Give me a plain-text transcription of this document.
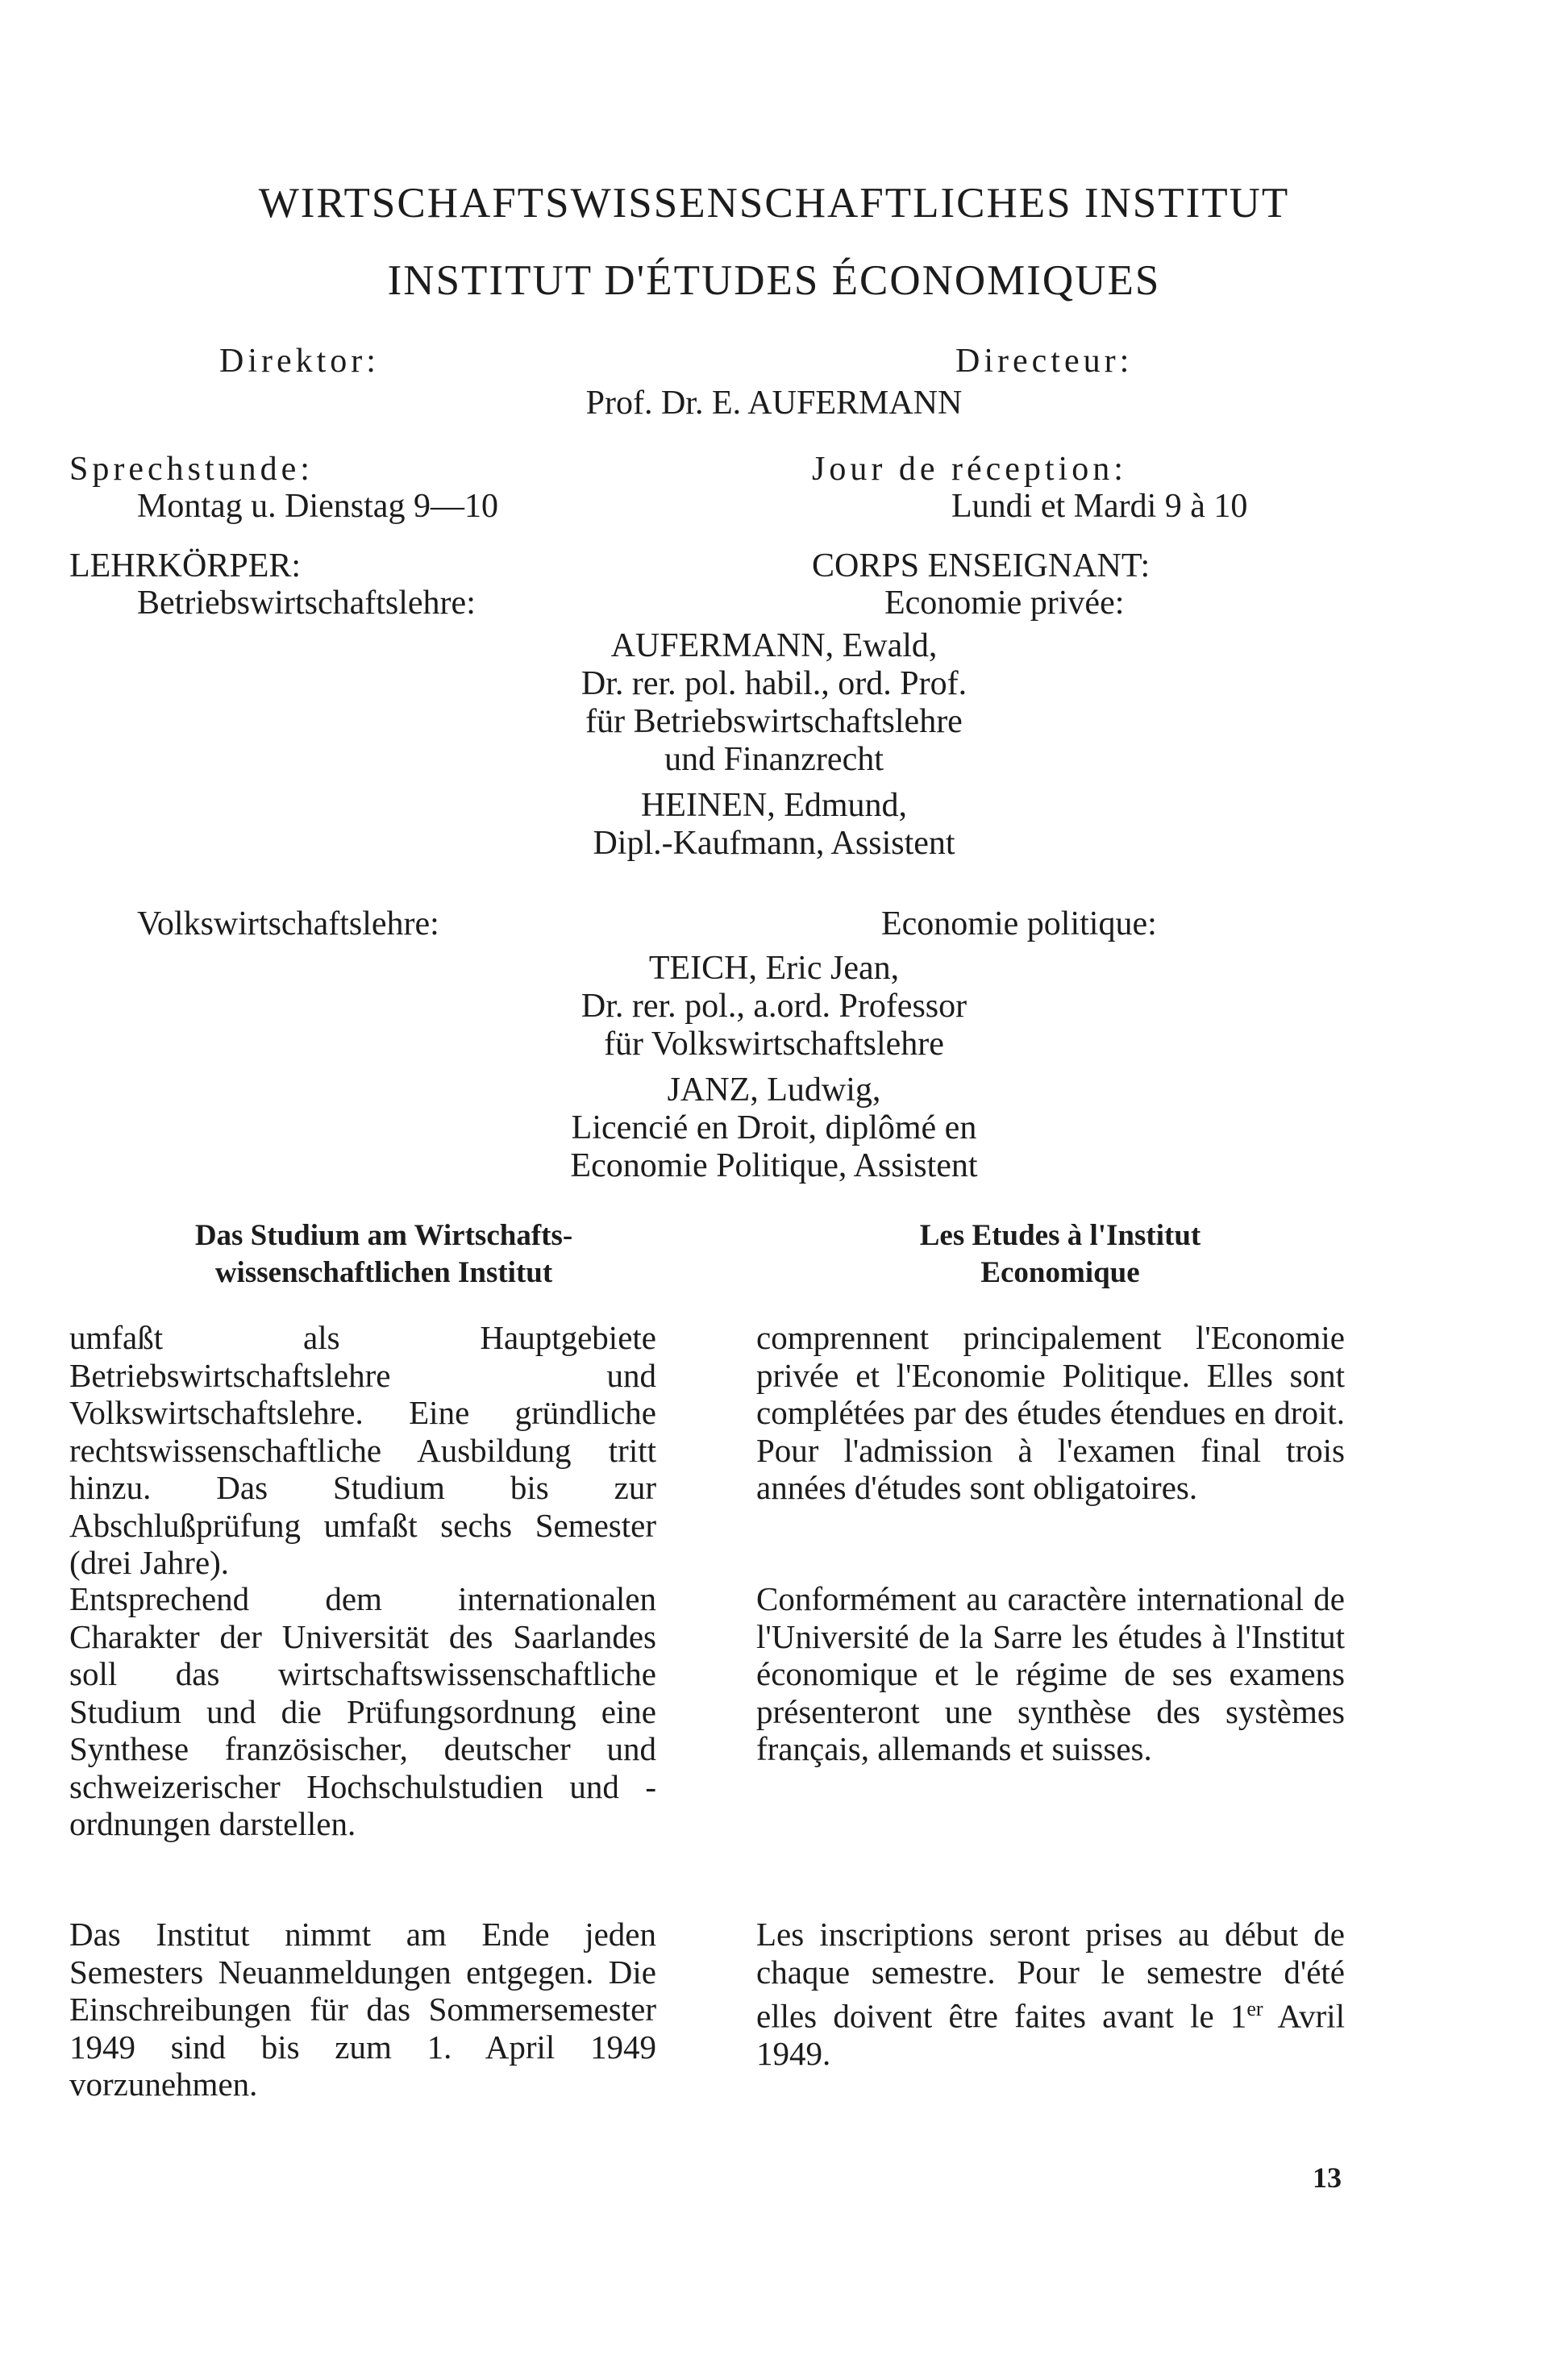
WIRTSCHAFTSWISSENSCHAFTLICHES INSTITUT
INSTITUT D'ÉTUDES ÉCONOMIQUES
Direktor:	Directeur:
Prof. Dr. E. AUFERMANN
Sprechstunde:	Jour de réception:
Montag u. Dienstag 9—10	Lundi et Mardi 9 à 10
LEHRKÖRPER:	CORPS ENSEIGNANT:
Betriebswirtschaftslehre:	Economie privée:
AUFERMANN, Ewald,
Dr. rer. pol. habil., ord. Prof.
für Betriebswirtschaftslehre
und Finanzrecht
HEINEN, Edmund,
Dipl.-Kaufmann, Assistent
Volkswirtschaftslehre:	Economie politique:
TEICH, Eric Jean,
Dr. rer. pol., a.ord. Professor
für Volkswirtschaftslehre
JANZ, Ludwig,
Licencié en Droit, diplômé en
Economie Politique, Assistent
Das Studium am Wirtschafts-
wissenschaftlichen Institut
Les Etudes à l'Institut
Economique
umfaßt als Hauptgebiete Betriebswirtschaftslehre und Volkswirtschaftslehre. Eine gründliche rechtswissenschaftliche Ausbildung tritt hinzu. Das Studium bis zur Abschlußprüfung umfaßt sechs Semester (drei Jahre).
Entsprechend dem internationalen Charakter der Universität des Saarlandes soll das wirtschaftswissenschaftliche Studium und die Prüfungsordnung eine Synthese französischer, deutscher und schweizerischer Hochschulstudien und -ordnungen darstellen.
Das Institut nimmt am Ende jeden Semesters Neuanmeldungen entgegen. Die Einschreibungen für das Sommersemester 1949 sind bis zum 1. April 1949 vorzunehmen.
comprennent principalement l'Economie privée et l'Economie Politique. Elles sont complétées par des études étendues en droit. Pour l'admission à l'examen final trois années d'études sont obligatoires.
Conformément au caractère international de l'Université de la Sarre les études à l'Institut économique et le régime de ses examens présenteront une synthèse des systèmes français, allemands et suisses.
Les inscriptions seront prises au début de chaque semestre. Pour le semestre d'été elles doivent être faites avant le 1er Avril 1949.
13
